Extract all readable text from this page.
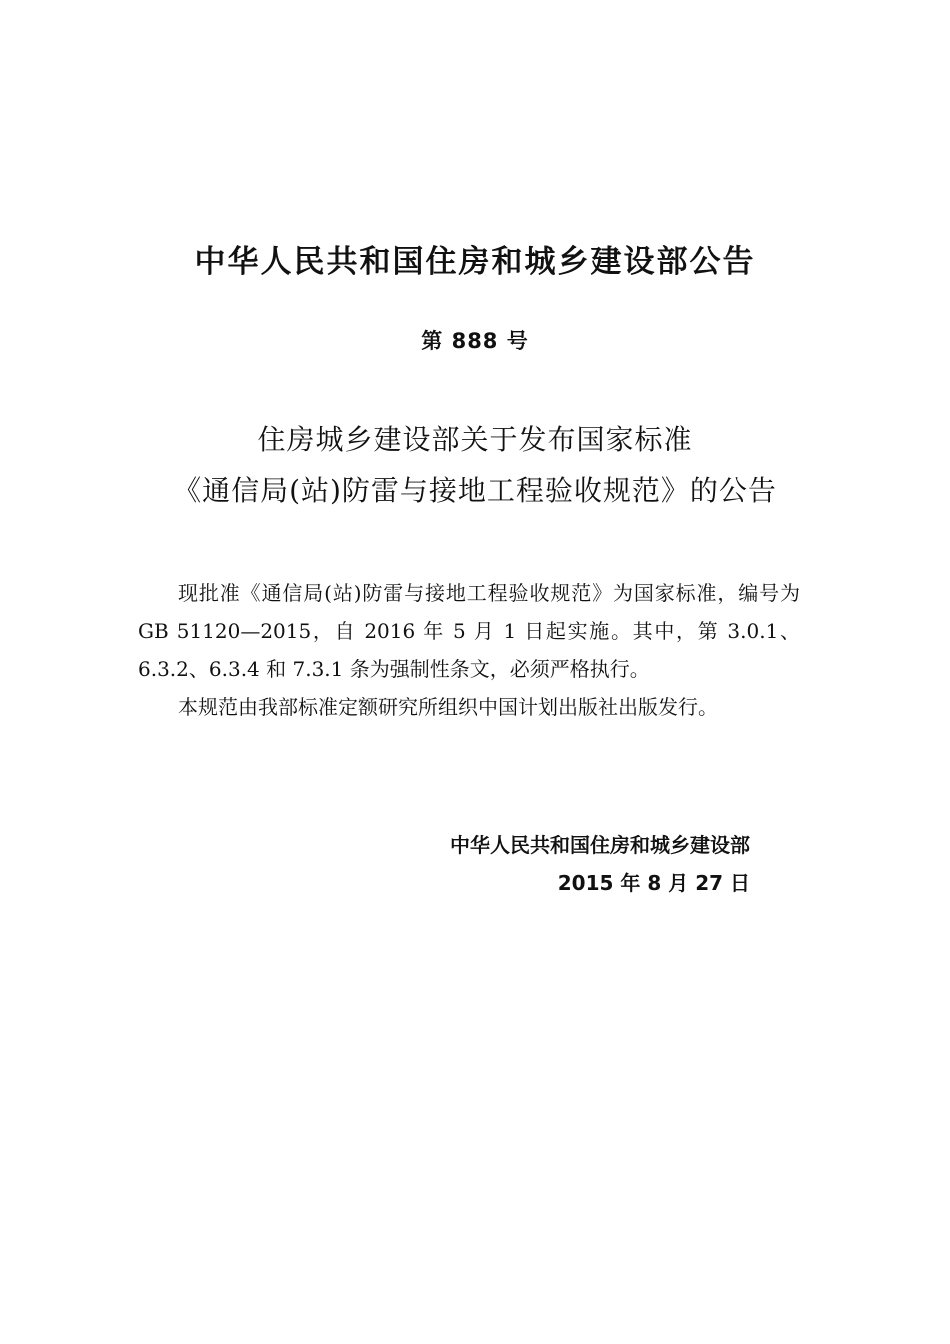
中华人民共和国住房和城乡建设部公告
第 888 号
住房城乡建设部关于发布国家标准
《通信局(站)防雷与接地工程验收规范》的公告

现批准《通信局(站)防雷与接地工程验收规范》为国家标准，编号为 GB 51120—2015，自 2016 年 5 月 1 日起实施。其中，第 3.0.1、6.3.2、6.3.4 和 7.3.1 条为强制性条文，必须严格执行。

本规范由我部标准定额研究所组织中国计划出版社出版发行。

中华人民共和国住房和城乡建设部
2015 年 8 月 27 日
